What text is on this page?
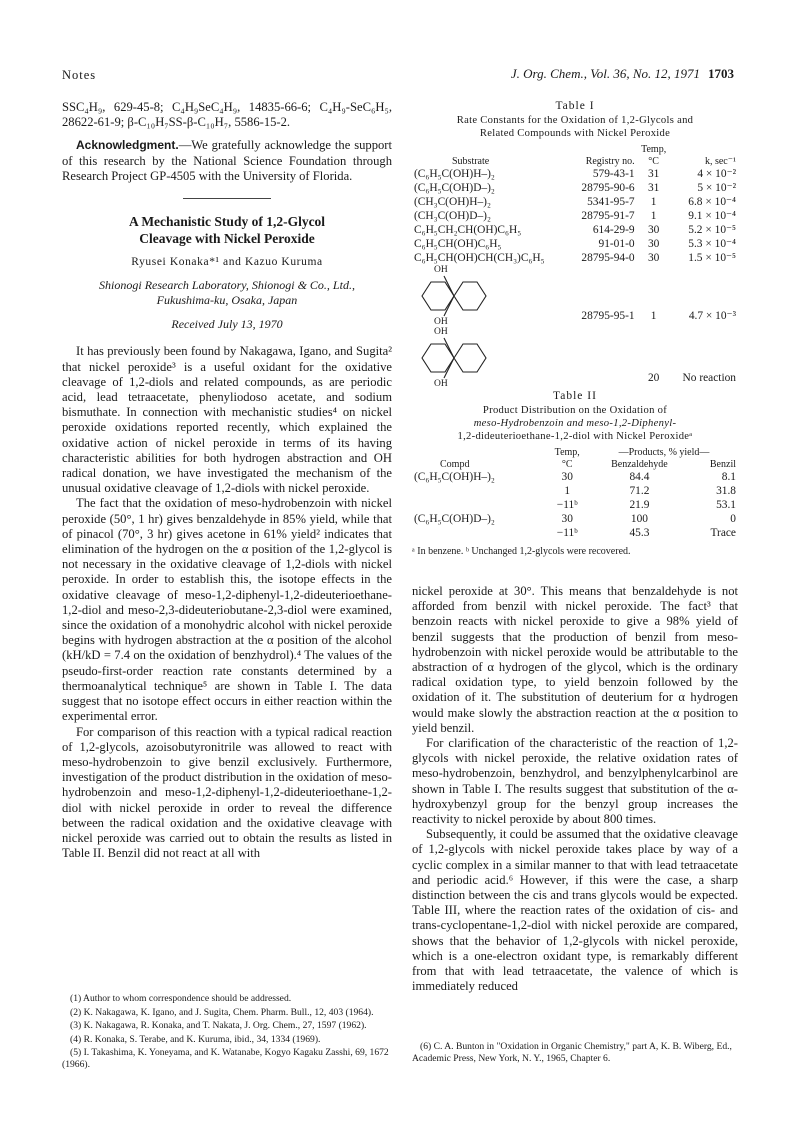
Notes	J. Org. Chem., Vol. 36, No. 12, 1971 1703

SSC₄H₉, 629-45-8; C₄H₉SeC₄H₉, 14835-66-6; C₄H₉-SeC₆H₅, 28622-61-9; β-C₁₀H₇SS-β-C₁₀H₇, 5586-15-2.

Acknowledgment.—We gratefully acknowledge the support of this research by the National Science Foundation through Research Project GP-4505 with the University of Florida.

A Mechanistic Study of 1,2-Glycol
Cleavage with Nickel Peroxide
Ryusei Konaka*¹ and Kazuo Kuruma
Shionogi Research Laboratory, Shionogi & Co., Ltd.,
Fukushima-ku, Osaka, Japan
Received July 13, 1970

It has previously been found by Nakagawa, Igano, and Sugita² that nickel peroxide³ is a useful oxidant for the oxidative cleavage of 1,2-diols and related compounds, as are periodic acid, lead tetraacetate, phenyliodoso acetate, and sodium bismuthate. In connection with mechanistic studies⁴ on nickel peroxide oxidations reported recently, which explained the oxidative action of nickel peroxide in terms of its having characteristic abilities for both hydrogen abstraction and OH radical donation, we have investigated the mechanism of the unusual oxidative cleavage of 1,2-diols with nickel peroxide.

The fact that the oxidation of meso-hydrobenzoin with nickel peroxide (50°, 1 hr) gives benzaldehyde in 85% yield, while that of pinacol (70°, 3 hr) gives acetone in 61% yield² indicates that elimination of the hydrogen on the α position of the 1,2-glycol is not necessary in the oxidative cleavage of 1,2-diols with nickel peroxide. In order to establish this, the isotope effects in the oxidative cleavage of meso-1,2-diphenyl-1,2-dideuterioethane-1,2-diol and meso-2,3-dideuteriobutane-2,3-diol were examined, since the oxidation of a monohydric alcohol with nickel peroxide begins with hydrogen abstraction at the α position of the alcohol (kH/kD = 7.4 on the oxidation of benzhydrol).⁴ The values of the pseudo-first-order reaction rate constants determined by a thermoanalytical technique⁵ are shown in Table I. The data suggest that no isotope effect occurs in either reaction within the experimental error.

For comparison of this reaction with a typical radical reaction of 1,2-glycols, azoisobutyronitrile was allowed to react with meso-hydrobenzoin to give benzil exclusively. Furthermore, investigation of the product distribution in the oxidation of meso-hydrobenzoin and meso-1,2-diphenyl-1,2-dideuterioethane-1,2-diol with nickel peroxide in order to reveal the difference between the radical oxidation and the oxidative cleavage with nickel peroxide was carried out to obtain the results as listed in Table II. Benzil did not react at all with

(1) Author to whom correspondence should be addressed.
(2) K. Nakagawa, K. Igano, and J. Sugita, Chem. Pharm. Bull., 12, 403 (1964).
(3) K. Nakagawa, R. Konaka, and T. Nakata, J. Org. Chem., 27, 1597 (1962).
(4) R. Konaka, S. Terabe, and K. Kuruma, ibid., 34, 1334 (1969).
(5) I. Takashima, K. Yoneyama, and K. Watanabe, Kogyo Kagaku Zasshi, 69, 1672 (1966).
Table I
Rate Constants for the Oxidation of 1,2-Glycols and
Related Compounds with Nickel Peroxide
Substrate	Registry no.	Temp,
°C	k, sec⁻¹
(C₆H₅C(OH)H–)₂	579-43-1	31	4 × 10⁻²
(C₆H₅C(OH)D–)₂	28795-90-6	31	5 × 10⁻²
(CH₃C(OH)H–)₂	5341-95-7	1	6.8 × 10⁻⁴
(CH₃C(OH)D–)₂	28795-91-7	1	9.1 × 10⁻⁴
C₆H₅CH₂CH(OH)C₆H₅	614-29-9	30	5.2 × 10⁻⁵
C₆H₅CH(OH)C₆H₅	91-01-0	30	5.3 × 10⁻⁴
C₆H₅CH(OH)CH(CH₃)C₆H₅	28795-94-0	30	1.5 × 10⁻⁵

OH
OH	28795-95-1	1	4.7 × 10⁻³

OH
OH		20	No reaction
Table II
Product Distribution on the Oxidation of
meso-Hydrobenzoin and meso-1,2-Diphenyl-
1,2-dideuterioethane-1,2-diol with Nickel Peroxideᵃ
Compd	Temp,	—Products, % yield—	
	°C	Benzaldehyde	Benzil
(C₆H₅C(OH)H–)₂	30	84.4	8.1
	1	71.2	31.8
	−11ᵇ	21.9	53.1
(C₆H₅C(OH)D–)₂	30	100	0
	−11ᵇ	45.3	Trace
ᵃ In benzene. ᵇ Unchanged 1,2-glycols were recovered.

nickel peroxide at 30°. This means that benzaldehyde is not afforded from benzil with nickel peroxide. The fact³ that benzoin reacts with nickel peroxide to give a 98% yield of benzil suggests that the production of benzil from meso-hydrobenzoin with nickel peroxide would be attributable to the abstraction of α hydrogen of the glycol, which is the ordinary radical oxidation type, to yield benzoin followed by the oxidation of it. The substitution of deuterium for α hydrogen would make slowly the abstraction reaction at the α position to yield benzil.

For clarification of the characteristic of the reaction of 1,2-glycols with nickel peroxide, the relative oxidation rates of meso-hydrobenzoin, benzhydrol, and benzylphenylcarbinol are shown in Table I. The results suggest that substitution of the α-hydroxybenzyl group for the benzyl group increases the reactivity to nickel peroxide by about 800 times.

Subsequently, it could be assumed that the oxidative cleavage of 1,2-glycols with nickel peroxide takes place by way of a cyclic complex in a similar manner to that with lead tetraacetate and periodic acid.⁶ However, if this were the case, a sharp distinction between the cis and trans glycols would be expected. Table III, where the reaction rates of the oxidation of cis- and trans-cyclopentane-1,2-diol with nickel peroxide are compared, shows that the behavior of 1,2-glycols with nickel peroxide, which is a one-electron oxidant type, is remarkably different from that with lead tetraacetate, the valence of which is immediately reduced

(6) C. A. Bunton in "Oxidation in Organic Chemistry," part A, K. B. Wiberg, Ed., Academic Press, New York, N. Y., 1965, Chapter 6.
